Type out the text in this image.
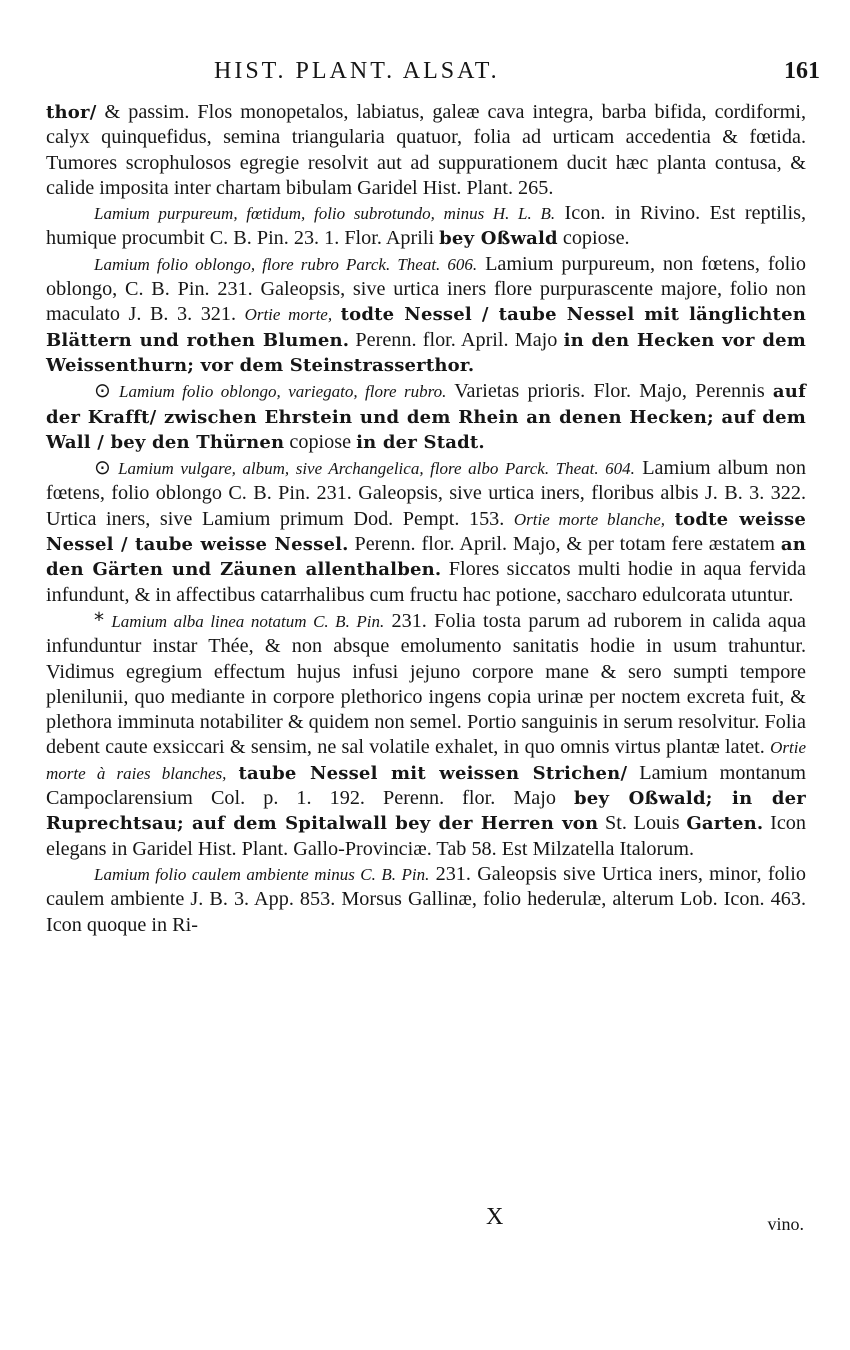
HIST. PLANT. ALSAT.	161

thor/ & passim. Flos monopetalos, labiatus, galeæ cava integra, barba bifida, cordiformi, calyx quinquefidus, semina triangularia quatuor, folia ad urticam accedentia & fœtida. Tumores scrophulosos egregie resolvit aut ad suppurationem ducit hæc planta contusa, & calide imposita inter chartam bibulam Garidel Hist. Plant. 265.

Lamium purpureum, fœtidum, folio subrotundo, minus H. L. B. Icon. in Rivino. Est reptilis, humique procumbit C. B. Pin. 23. 1. Flor. Aprili bey Oßwald copiose.

Lamium folio oblongo, flore rubro Parck. Theat. 606. Lamium purpureum, non fœtens, folio oblongo, C. B. Pin. 231. Galeopsis, sive urtica iners flore purpurascente majore, folio non maculato J. B. 3. 321. Ortie morte, todte Nessel / taube Nessel mit länglichten Blättern und rothen Blumen. Perenn. flor. April. Majo in den Hecken vor dem Weissenthurn; vor dem Steinstrasserthor.

⊙ Lamium folio oblongo, variegato, flore rubro. Varietas prioris. Flor. Majo, Perennis auf der Krafft/ zwischen Ehrstein und dem Rhein an denen Hecken; auf dem Wall / bey den Thürnen copiose in der Stadt.

⊙ Lamium vulgare, album, sive Archangelica, flore albo Parck. Theat. 604. Lamium album non fœtens, folio oblongo C. B. Pin. 231. Galeopsis, sive urtica iners, floribus albis J. B. 3. 322. Urtica iners, sive Lamium primum Dod. Pempt. 153. Ortie morte blanche, todte weisse Nessel / taube weisse Nessel. Perenn. flor. April. Majo, & per totam fere æstatem an den Gärten und Zäunen allenthalben. Flores siccatos multi hodie in aqua fervida infundunt, & in affectibus catarrhalibus cum fructu hac potione, saccharo edulcorata utuntur.

* Lamium alba linea notatum C. B. Pin. 231. Folia tosta parum ad ruborem in calida aqua infunduntur instar Thée, & non absque emolumento sanitatis hodie in usum trahuntur. Vidimus egregium effectum hujus infusi jejuno corpore mane & sero sumpti tempore plenilunii, quo mediante in corpore plethorico ingens copia urinæ per noctem excreta fuit, & plethora imminuta notabiliter & quidem non semel. Portio sanguinis in serum resolvitur. Folia debent caute exsiccari & sensim, ne sal volatile exhalet, in quo omnis virtus plantæ latet. Ortie morte à raies blanches, taube Nessel mit weissen Strichen/ Lamium montanum Campoclarensium Col. p. 1. 192. Perenn. flor. Majo bey Oßwald; in der Ruprechtsau; auf dem Spitalwall bey der Herren von St. Louis Garten. Icon elegans in Garidel Hist. Plant. Gallo-Provinciæ. Tab 58. Est Milzatella Italorum.

Lamium folio caulem ambiente minus C. B. Pin. 231. Galeopsis sive Urtica iners, minor, folio caulem ambiente J. B. 3. App. 853. Morsus Gallinæ, folio hederulæ, alterum Lob. Icon. 463. Icon quoque in Ri-

X	vino.
